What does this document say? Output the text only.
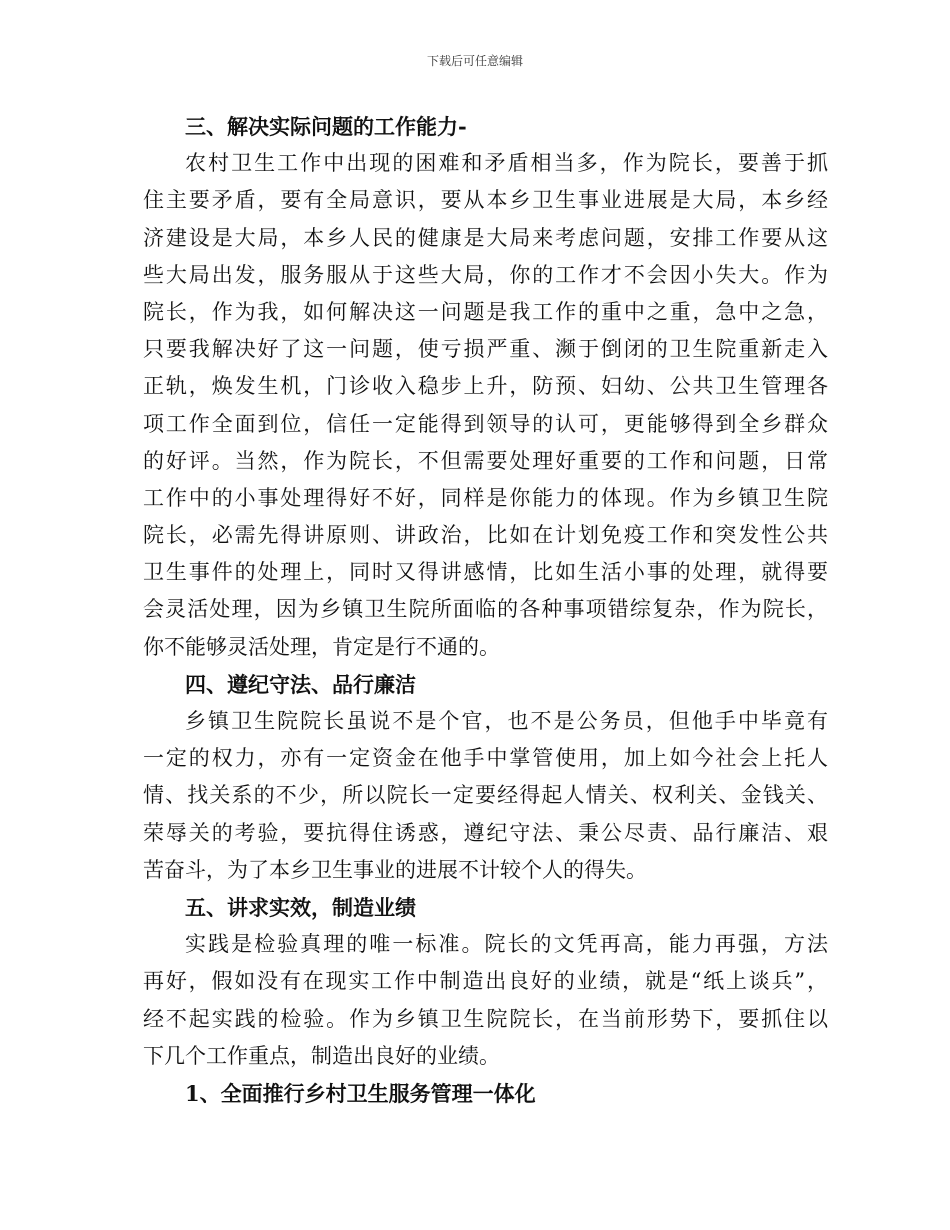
下载后可任意编辑
三、解决实际问题的工作能力-
农村卫生工作中出现的困难和矛盾相当多，作为院长，要善于抓
住主要矛盾，要有全局意识，要从本乡卫生事业进展是大局，本乡经
济建设是大局，本乡人民的健康是大局来考虑问题，安排工作要从这
些大局出发，服务服从于这些大局，你的工作才不会因小失大。作为
院长，作为我，如何解决这一问题是我工作的重中之重，急中之急，
只要我解决好了这一问题，使亏损严重、濒于倒闭的卫生院重新走入
正轨，焕发生机，门诊收入稳步上升，防预、妇幼、公共卫生管理各
项工作全面到位，信任一定能得到领导的认可，更能够得到全乡群众
的好评。当然，作为院长，不但需要处理好重要的工作和问题，日常
工作中的小事处理得好不好，同样是你能力的体现。作为乡镇卫生院
院长，必需先得讲原则、讲政治，比如在计划免疫工作和突发性公共
卫生事件的处理上，同时又得讲感情，比如生活小事的处理，就得要
会灵活处理，因为乡镇卫生院所面临的各种事项错综复杂，作为院长，
你不能够灵活处理，肯定是行不通的。
四、遵纪守法、品行廉洁
乡镇卫生院院长虽说不是个官，也不是公务员，但他手中毕竟有
一定的权力，亦有一定资金在他手中掌管使用，加上如今社会上托人
情、找关系的不少，所以院长一定要经得起人情关、权利关、金钱关、
荣辱关的考验，要抗得住诱惑，遵纪守法、秉公尽责、品行廉洁、艰
苦奋斗，为了本乡卫生事业的进展不计较个人的得失。
五、讲求实效，制造业绩
实践是检验真理的唯一标准。院长的文凭再高，能力再强，方法
再好，假如没有在现实工作中制造出良好的业绩，就是“纸上谈兵”，
经不起实践的检验。作为乡镇卫生院院长，在当前形势下，要抓住以
下几个工作重点，制造出良好的业绩。
1、全面推行乡村卫生服务管理一体化
